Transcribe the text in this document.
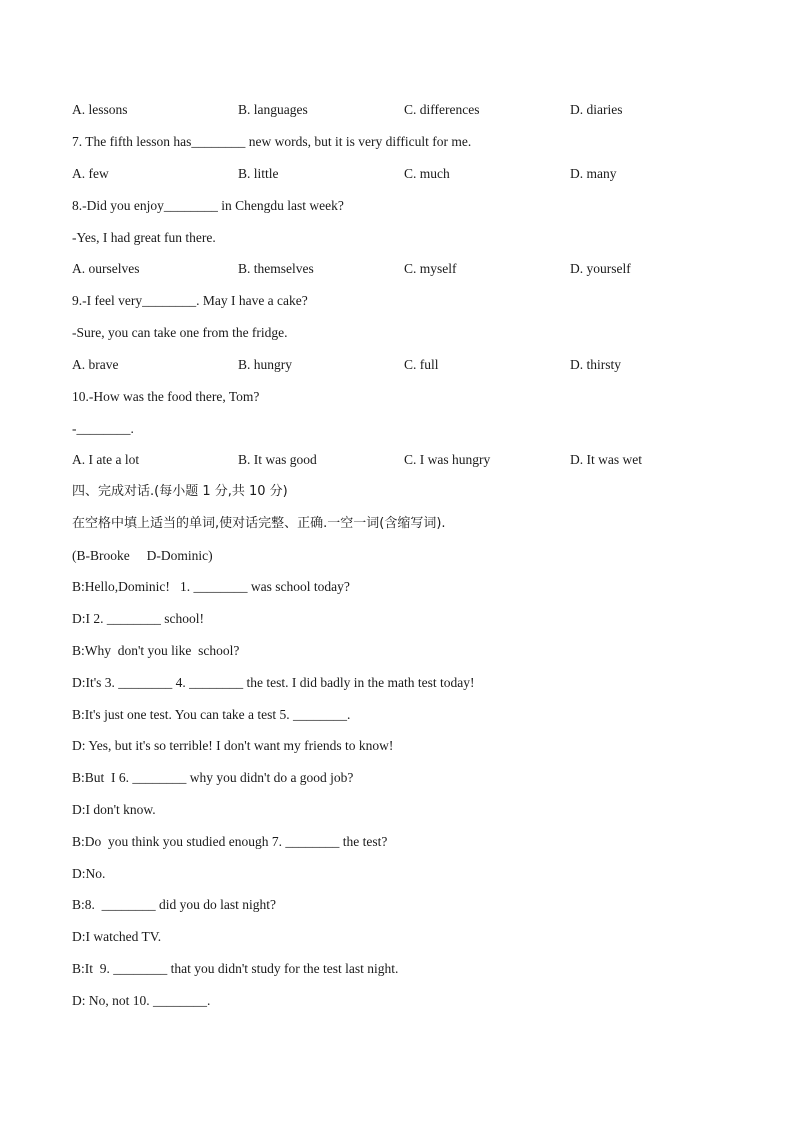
A. lessons	B. languages	C. differences	D. diaries
7. The fifth lesson has________ new words, but it is very difficult for me.
A. few	B. little	C. much	D. many
8.-Did you enjoy________ in Chengdu last week?
-Yes, I had great fun there.
A. ourselves	B. themselves	C. myself	D. yourself
9.-I feel very________. May I have a cake?
-Sure, you can take one from the fridge.
A. brave	B. hungry	C. full	D. thirsty
10.-How was the food there, Tom?
-________.
A. I ate a lot	B. It was good	C. I was hungry	D. It was wet
四、完成对话.(每小题 1 分,共 10 分)
在空格中填上适当的单词,使对话完整、正确.一空一词(含缩写词).
(B-Brooke     D-Dominic)
B:Hello,Dominic!   1. ________ was school today?
D:I 2. ________ school!
B:Why  don't you like  school?
D:It's 3. ________ 4. ________ the test. I did badly in the math test today!
B:It's just one test. You can take a test 5. ________.
D: Yes, but it's so terrible! I don't want my friends to know!
B:But  I 6. ________ why you didn't do a good job?
D:I don't know.
B:Do  you think you studied enough 7. ________ the test?
D:No.
B:8.  ________ did you do last night?
D:I watched TV.
B:It  9. ________ that you didn't study for the test last night.
D: No, not 10. ________.
